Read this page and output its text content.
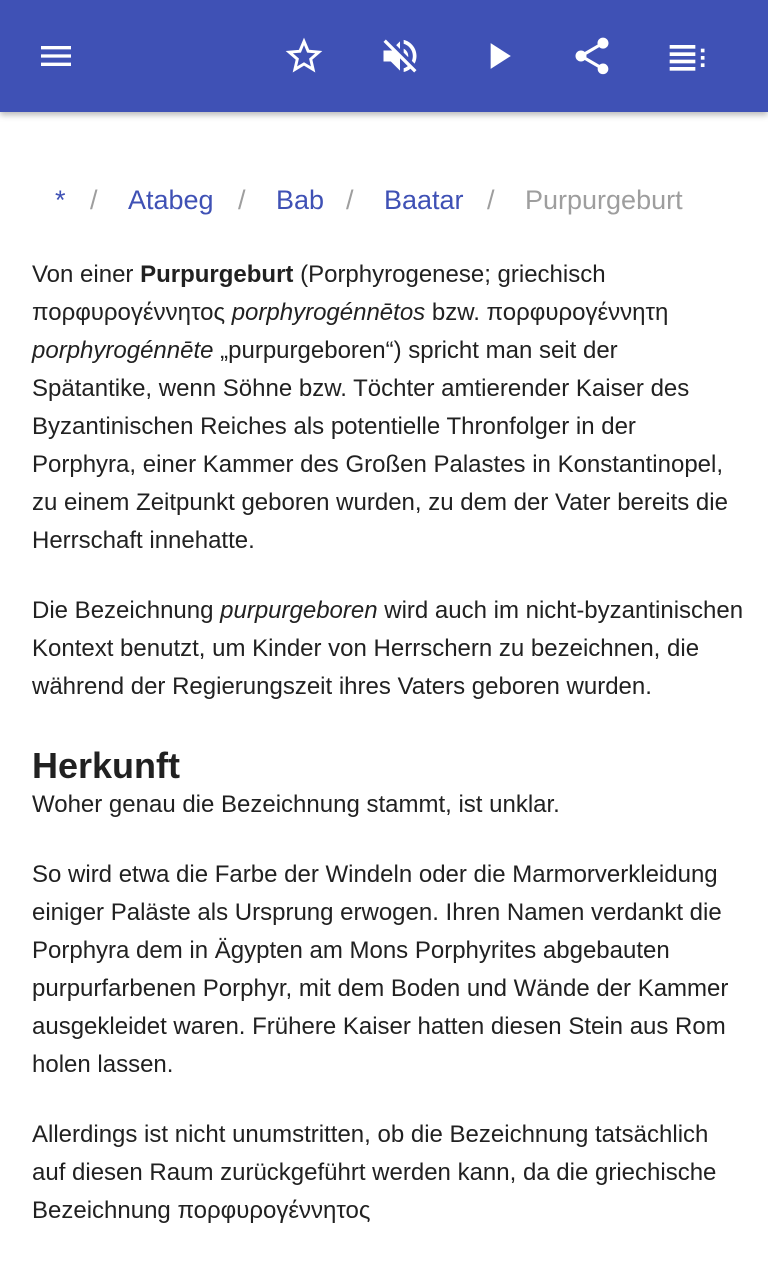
* / Atabeg / Bab / Baatar / Purpurgeburt

Von einer Purpurgeburt (Porphyrogenese; griechisch πορφυρογέννητος porphyrogénnētos bzw. πορφυρογέννητη porphyrogénnēte „purpurgeboren“) spricht man seit der Spätantike, wenn Söhne bzw. Töchter amtierender Kaiser des Byzantinischen Reiches als potentielle Thronfolger in der Porphyra, einer Kammer des Großen Palastes in Konstantinopel, zu einem Zeitpunkt geboren wurden, zu dem der Vater bereits die Herrschaft innehatte.

Die Bezeichnung purpurgeboren wird auch im nicht-byzantinischen Kontext benutzt, um Kinder von Herrschern zu bezeichnen, die während der Regierungszeit ihres Vaters geboren wurden.

Herkunft

Woher genau die Bezeichnung stammt, ist unklar.

So wird etwa die Farbe der Windeln oder die Marmorverkleidung einiger Paläste als Ursprung erwogen. Ihren Namen verdankt die Porphyra dem in Ägypten am Mons Porphyrites abgebauten purpurfarbenen Porphyr, mit dem Boden und Wände der Kammer ausgekleidet waren. Frühere Kaiser hatten diesen Stein aus Rom holen lassen.

Allerdings ist nicht unumstritten, ob die Bezeichnung tatsächlich auf diesen Raum zurückgeführt werden kann, da die griechische Bezeichnung πορφυρογέννητος
